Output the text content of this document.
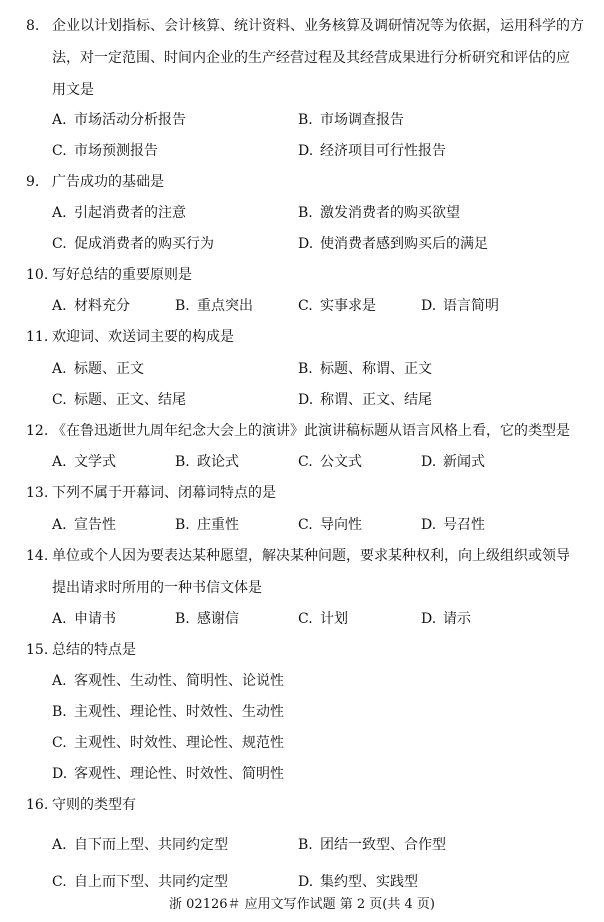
8. 企业以计划指标、会计核算、统计资料、业务核算及调研情况等为依据，运用科学的方
法，对一定范围、时间内企业的生产经营过程及其经营成果进行分析研究和评估的应
用文是
A. 市场活动分析报告	B. 市场调查报告
C. 市场预测报告	D. 经济项目可行性报告
9. 广告成功的基础是
A. 引起消费者的注意	B. 激发消费者的购买欲望
C. 促成消费者的购买行为	D. 使消费者感到购买后的满足
10. 写好总结的重要原则是
A. 材料充分	B. 重点突出	C. 实事求是	D. 语言简明
11. 欢迎词、欢送词主要的构成是
A. 标题、正文	B. 标题、称谓、正文
C. 标题、正文、结尾	D. 称谓、正文、结尾
12. 《在鲁迅逝世九周年纪念大会上的演讲》此演讲稿标题从语言风格上看，它的类型是
A. 文学式	B. 政论式	C. 公文式	D. 新闻式
13. 下列不属于开幕词、闭幕词特点的是
A. 宣告性	B. 庄重性	C. 导向性	D. 号召性
14. 单位或个人因为要表达某种愿望，解决某种问题，要求某种权利，向上级组织或领导
提出请求时所用的一种书信文体是
A. 申请书	B. 感谢信	C. 计划	D. 请示
15. 总结的特点是
A. 客观性、生动性、简明性、论说性
B. 主观性、理论性、时效性、生动性
C. 主观性、时效性、理论性、规范性
D. 客观性、理论性、时效性、简明性
16. 守则的类型有
A. 自下而上型、共同约定型	B. 团结一致型、合作型
C. 自上而下型、共同约定型	D. 集约型、实践型
浙 02126＃ 应用文写作试题 第 2 页(共 4 页)
